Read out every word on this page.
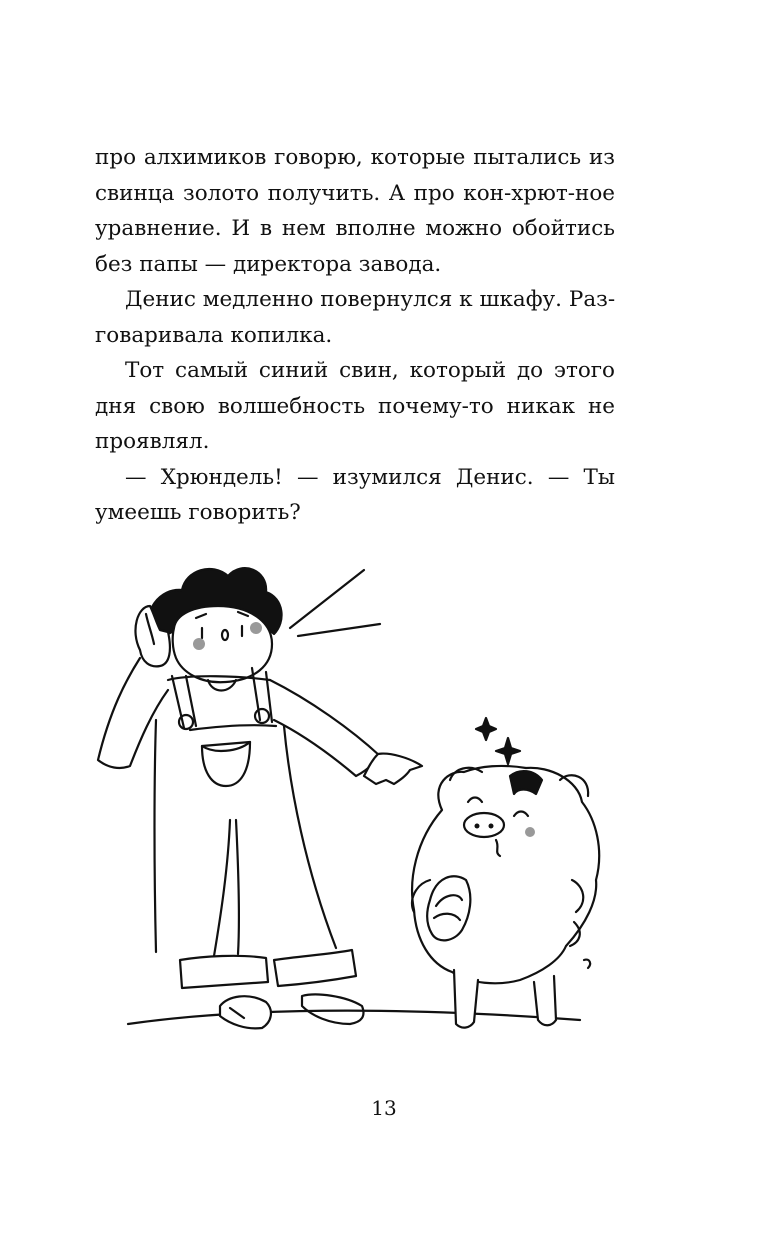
про алхимиков говорю, которые пытались из
свинца золото получить. А про кон-хрют-ное
уравнение. И в нем вполне можно обойтись
без папы — директора завода.
Денис медленно повернулся к шкафу. Раз-
говаривала копилка.
Тот самый синий свин, который до этого
дня свою волшебность почему-то никак не
проявлял.
— Хрюндель! — изумился Денис. — Ты
умеешь говорить?
13
